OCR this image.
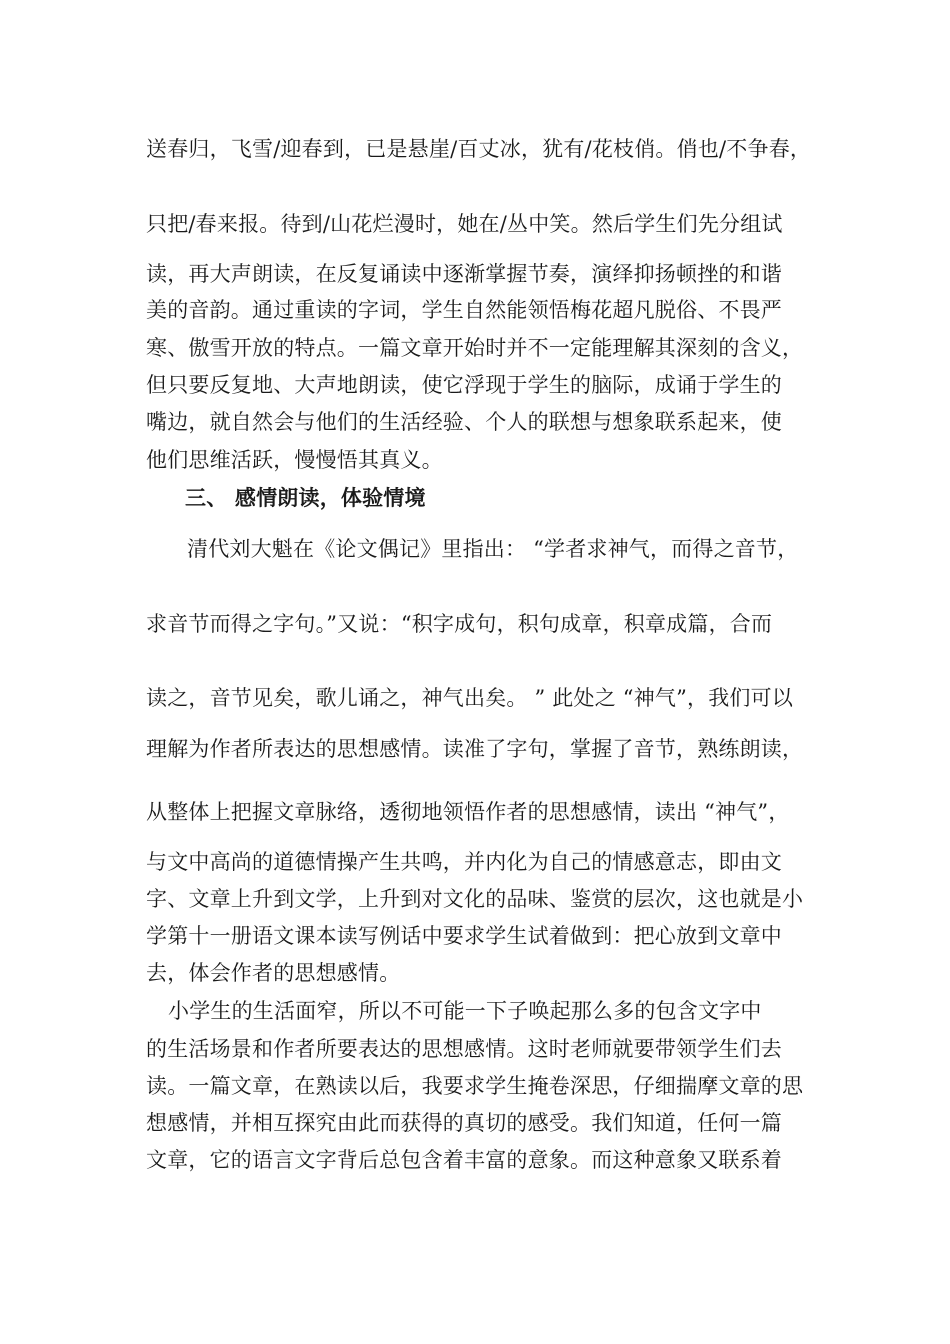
送春归，飞雪/迎春到，已是悬崖/百丈冰，犹有/花枝俏。俏也/不争春，
只把/春来报。待到/山花烂漫时，她在/丛中笑。然后学生们先分组试
读，再大声朗读，在反复诵读中逐渐掌握节奏，演绎抑扬顿挫的和谐
美的音韵。通过重读的字词，学生自然能领悟梅花超凡脱俗、不畏严
寒、傲雪开放的特点。一篇文章开始时并不一定能理解其深刻的含义，
但只要反复地、大声地朗读，使它浮现于学生的脑际，成诵于学生的
嘴边，就自然会与他们的生活经验、个人的联想与想象联系起来，使
他们思维活跃，慢慢悟其真义。
三、 感情朗读，体验情境
清代刘大魁在《论文偶记》里指出： “学者求神气，而得之音节，
求音节而得之字句。”又说：“积字成句，积句成章，积章成篇，合而
读之，音节见矣，歌儿诵之，神气出矣。 ” 此处之 “神气”，我们可以
理解为作者所表达的思想感情。读准了字句，掌握了音节，熟练朗读，
从整体上把握文章脉络，透彻地领悟作者的思想感情，读出 “神气”，
与文中高尚的道德情操产生共鸣，并内化为自己的情感意志，即由文
字、文章上升到文学，上升到对文化的品味、鉴赏的层次，这也就是小
学第十一册语文课本读写例话中要求学生试着做到：把心放到文章中
去，体会作者的思想感情。
小学生的生活面窄，所以不可能一下子唤起那么多的包含文字中
的生活场景和作者所要表达的思想感情。这时老师就要带领学生们去
读。一篇文章，在熟读以后，我要求学生掩卷深思，仔细揣摩文章的思
想感情，并相互探究由此而获得的真切的感受。我们知道，任何一篇
文章，它的语言文字背后总包含着丰富的意象。而这种意象又联系着
